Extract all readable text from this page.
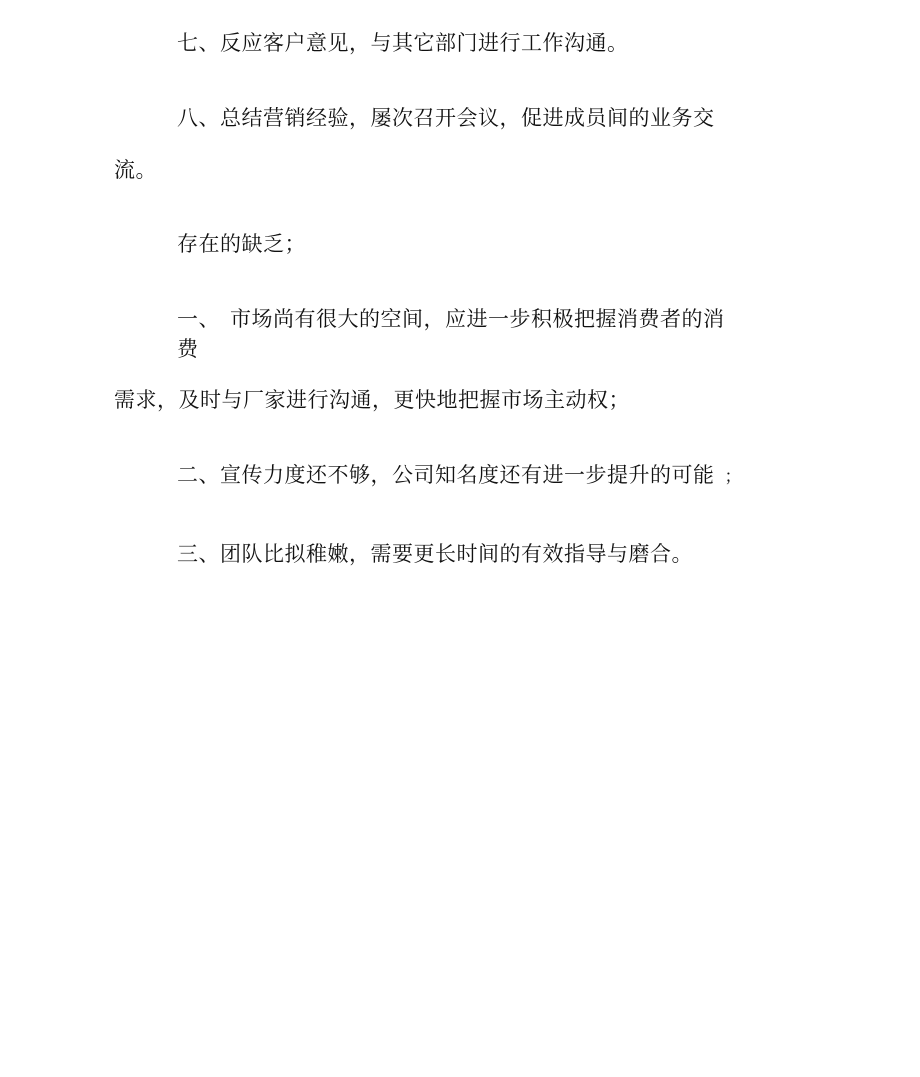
七、反应客户意见，与其它部门进行工作沟通。
八、总结营销经验，屡次召开会议，促进成员间的业务交
流。
存在的缺乏；
一、 市场尚有很大的空间，应进一步积极把握消费者的消
费
需求，及时与厂家进行沟通，更快地把握市场主动权；
二、宣传力度还不够，公司知名度还有进一步提升的可能 ；
三、团队比拟稚嫩，需要更长时间的有效指导与磨合。
